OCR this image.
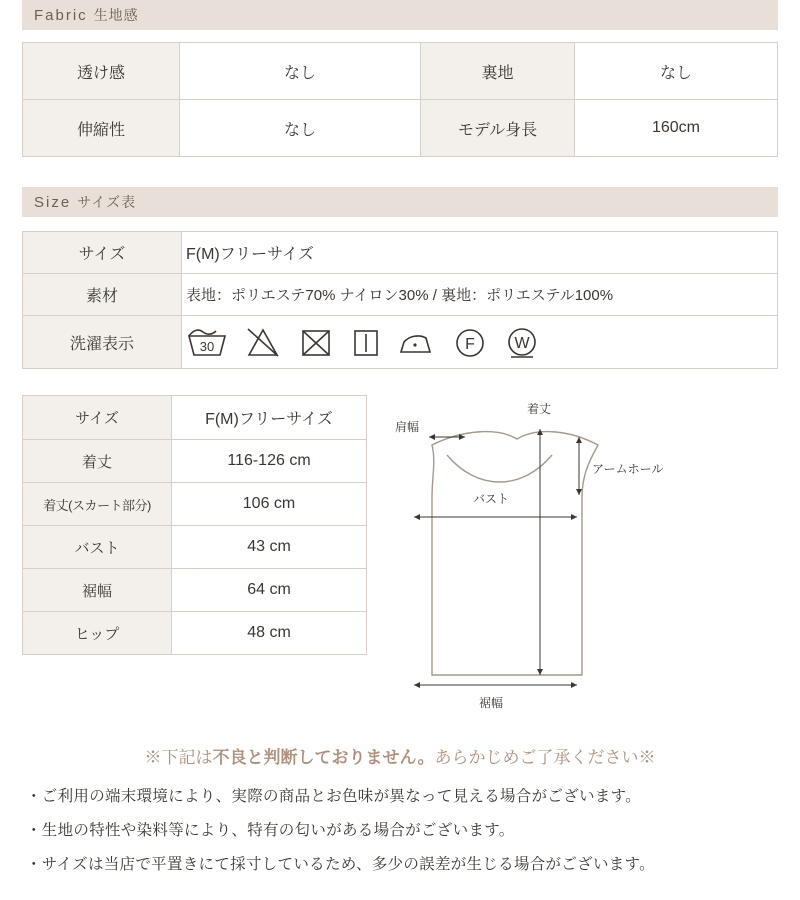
Fabric 生地感
透け感	なし	裏地	なし
伸縮性	なし	モデル身長	160cm
Size サイズ表
サイズ	F(M)フリーサイズ
素材	表地：ポリエステ70% ナイロン30% / 裏地：ポリエステル100%
洗濯表示	30 F W
サイズ	F(M)フリーサイズ
着丈	116-126 cm
着丈(スカート部分)	106 cm
バスト	43 cm
裾幅	64 cm
ヒップ	48 cm
肩幅
着丈
アームホール
バスト
裾幅
※下記は不良と判断しておりません。あらかじめご了承ください※

・ご利用の端末環境により、実際の商品とお色味が異なって見える場合がございます。

・生地の特性や染料等により、特有の匂いがある場合がございます。

・サイズは当店で平置きにて採寸しているため、多少の誤差が生じる場合がございます。
